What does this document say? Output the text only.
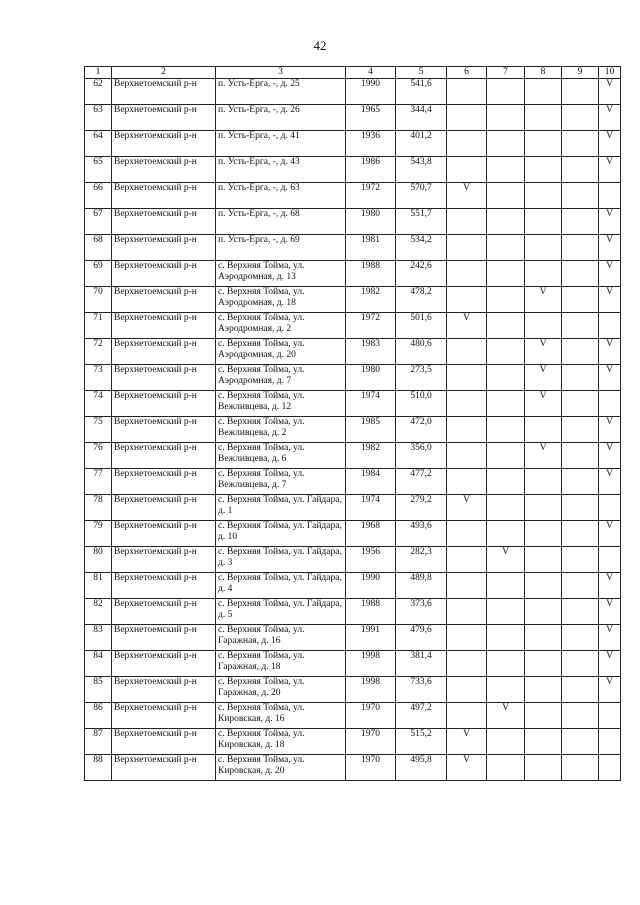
42
1	2	3	4	5	6	7	8	9	10
62	Верхнетоемский р-н	п. Усть-Ерга, -, д. 25	1990	541,6					V
63	Верхнетоемский р-н	п. Усть-Ерга, -, д. 26	1965	344,4					V
64	Верхнетоемский р-н	п. Усть-Ерга, -, д. 41	1936	401,2					V
65	Верхнетоемский р-н	п. Усть-Ерга, -, д. 43	1986	543,8					V
66	Верхнетоемский р-н	п. Усть-Ерга, -, д. 63	1972	570,7	V				
67	Верхнетоемский р-н	п. Усть-Ерга, -, д. 68	1980	551,7					V
68	Верхнетоемский р-н	п. Усть-Ерга, -, д. 69	1981	534,2					V
69	Верхнетоемский р-н	с. Верхняя Тойма, ул. Аэродромная, д. 13	1988	242,6					V
70	Верхнетоемский р-н	с. Верхняя Тойма, ул. Аэродромная, д. 18	1982	478,2			V		V
71	Верхнетоемский р-н	с. Верхняя Тойма, ул. Аэродромная, д. 2	1972	501,6	V				
72	Верхнетоемский р-н	с. Верхняя Тойма, ул. Аэродромная, д. 20	1983	480,6			V		V
73	Верхнетоемский р-н	с. Верхняя Тойма, ул. Аэродромная, д. 7	1980	273,5			V		V
74	Верхнетоемский р-н	с. Верхняя Тойма, ул. Вежливцева, д. 12	1974	510,0			V		
75	Верхнетоемский р-н	с. Верхняя Тойма, ул. Вежливцева, д. 2	1985	472,0					V
76	Верхнетоемский р-н	с. Верхняя Тойма, ул. Вежливцева, д. 6	1982	356,0			V		V
77	Верхнетоемский р-н	с. Верхняя Тойма, ул. Вежливцева, д. 7	1984	477,2					V
78	Верхнетоемский р-н	с. Верхняя Тойма, ул. Гайдара, д. 1	1974	279,2	V				
79	Верхнетоемский р-н	с. Верхняя Тойма, ул. Гайдара, д. 10	1968	493,6					V
80	Верхнетоемский р-н	с. Верхняя Тойма, ул. Гайдара, д. 3	1956	282,3		V			
81	Верхнетоемский р-н	с. Верхняя Тойма, ул. Гайдара, д. 4	1990	489,8					V
82	Верхнетоемский р-н	с. Верхняя Тойма, ул. Гайдара, д. 5	1988	373,6					V
83	Верхнетоемский р-н	с. Верхняя Тойма, ул. Гаражная, д. 16	1991	479,6					V
84	Верхнетоемский р-н	с. Верхняя Тойма, ул. Гаражная, д. 18	1998	381,4					V
85	Верхнетоемский р-н	с. Верхняя Тойма, ул. Гаражная, д. 20	1998	733,6					V
86	Верхнетоемский р-н	с. Верхняя Тойма, ул. Кировская, д. 16	1970	497,2		V			
87	Верхнетоемский р-н	с. Верхняя Тойма, ул. Кировская, д. 18	1970	515,2	V				
88	Верхнетоемский р-н	с. Верхняя Тойма, ул. Кировская, д. 20	1970	495,8	V				
